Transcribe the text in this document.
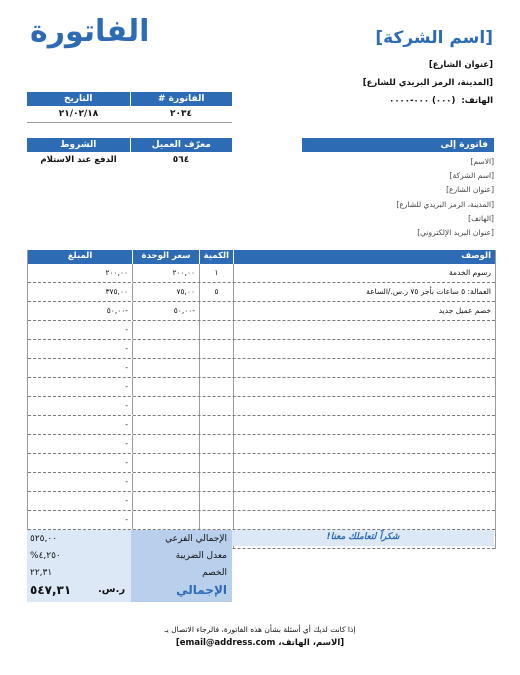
الفاتورة	[اسم الشركة]
[عنوان الشارع]
[المدينة، الرمز البريدي للشارع]
الهاتف:
(٠٠٠) ٠٠٠-٠٠٠٠
الفاتورة #
التاريخ
٢٠٣٤
٢١/٠٢/١٨
معرّف العميل
الشروط
٥٦٤
الدفع عند الاستلام
فاتورة إلى
[الاسم]
[اسم الشركة]
[عنوان الشارع]
[المدينة، الرمز البريدي للشارع]
[الهاتف]
[عنوان البريد الإلكتروني]
الوصف
الكمية
سعر الوحدة
المبلغ
رسوم الخدمة
١
٢٠٠,٠٠
٢٠٠,٠٠
العمالة: ٥ ساعات بأجر ٧٥ ر.س./الساعة
٥
٧٥,٠٠
٣٧٥,٠٠
خصم عميل جديد
-٥٠,٠٠
-٥٠,٠٠
-
-
-
-
-
-
-
-
-
-
-
شكراً لتعاملك معنا!
الإجمالي الفرعي
٥٢٥,٠٠
معدل الضريبة
%٤,٢٥٠
الخصم
٢٢,٣١
الإجمالي
٥٤٧,٣١	ر.س.
إذا كانت لديك أي أسئلة بشأن هذه الفاتورة، فالرجاء الاتصال بـ
[الاسم، الهاتف، email@address.com]
